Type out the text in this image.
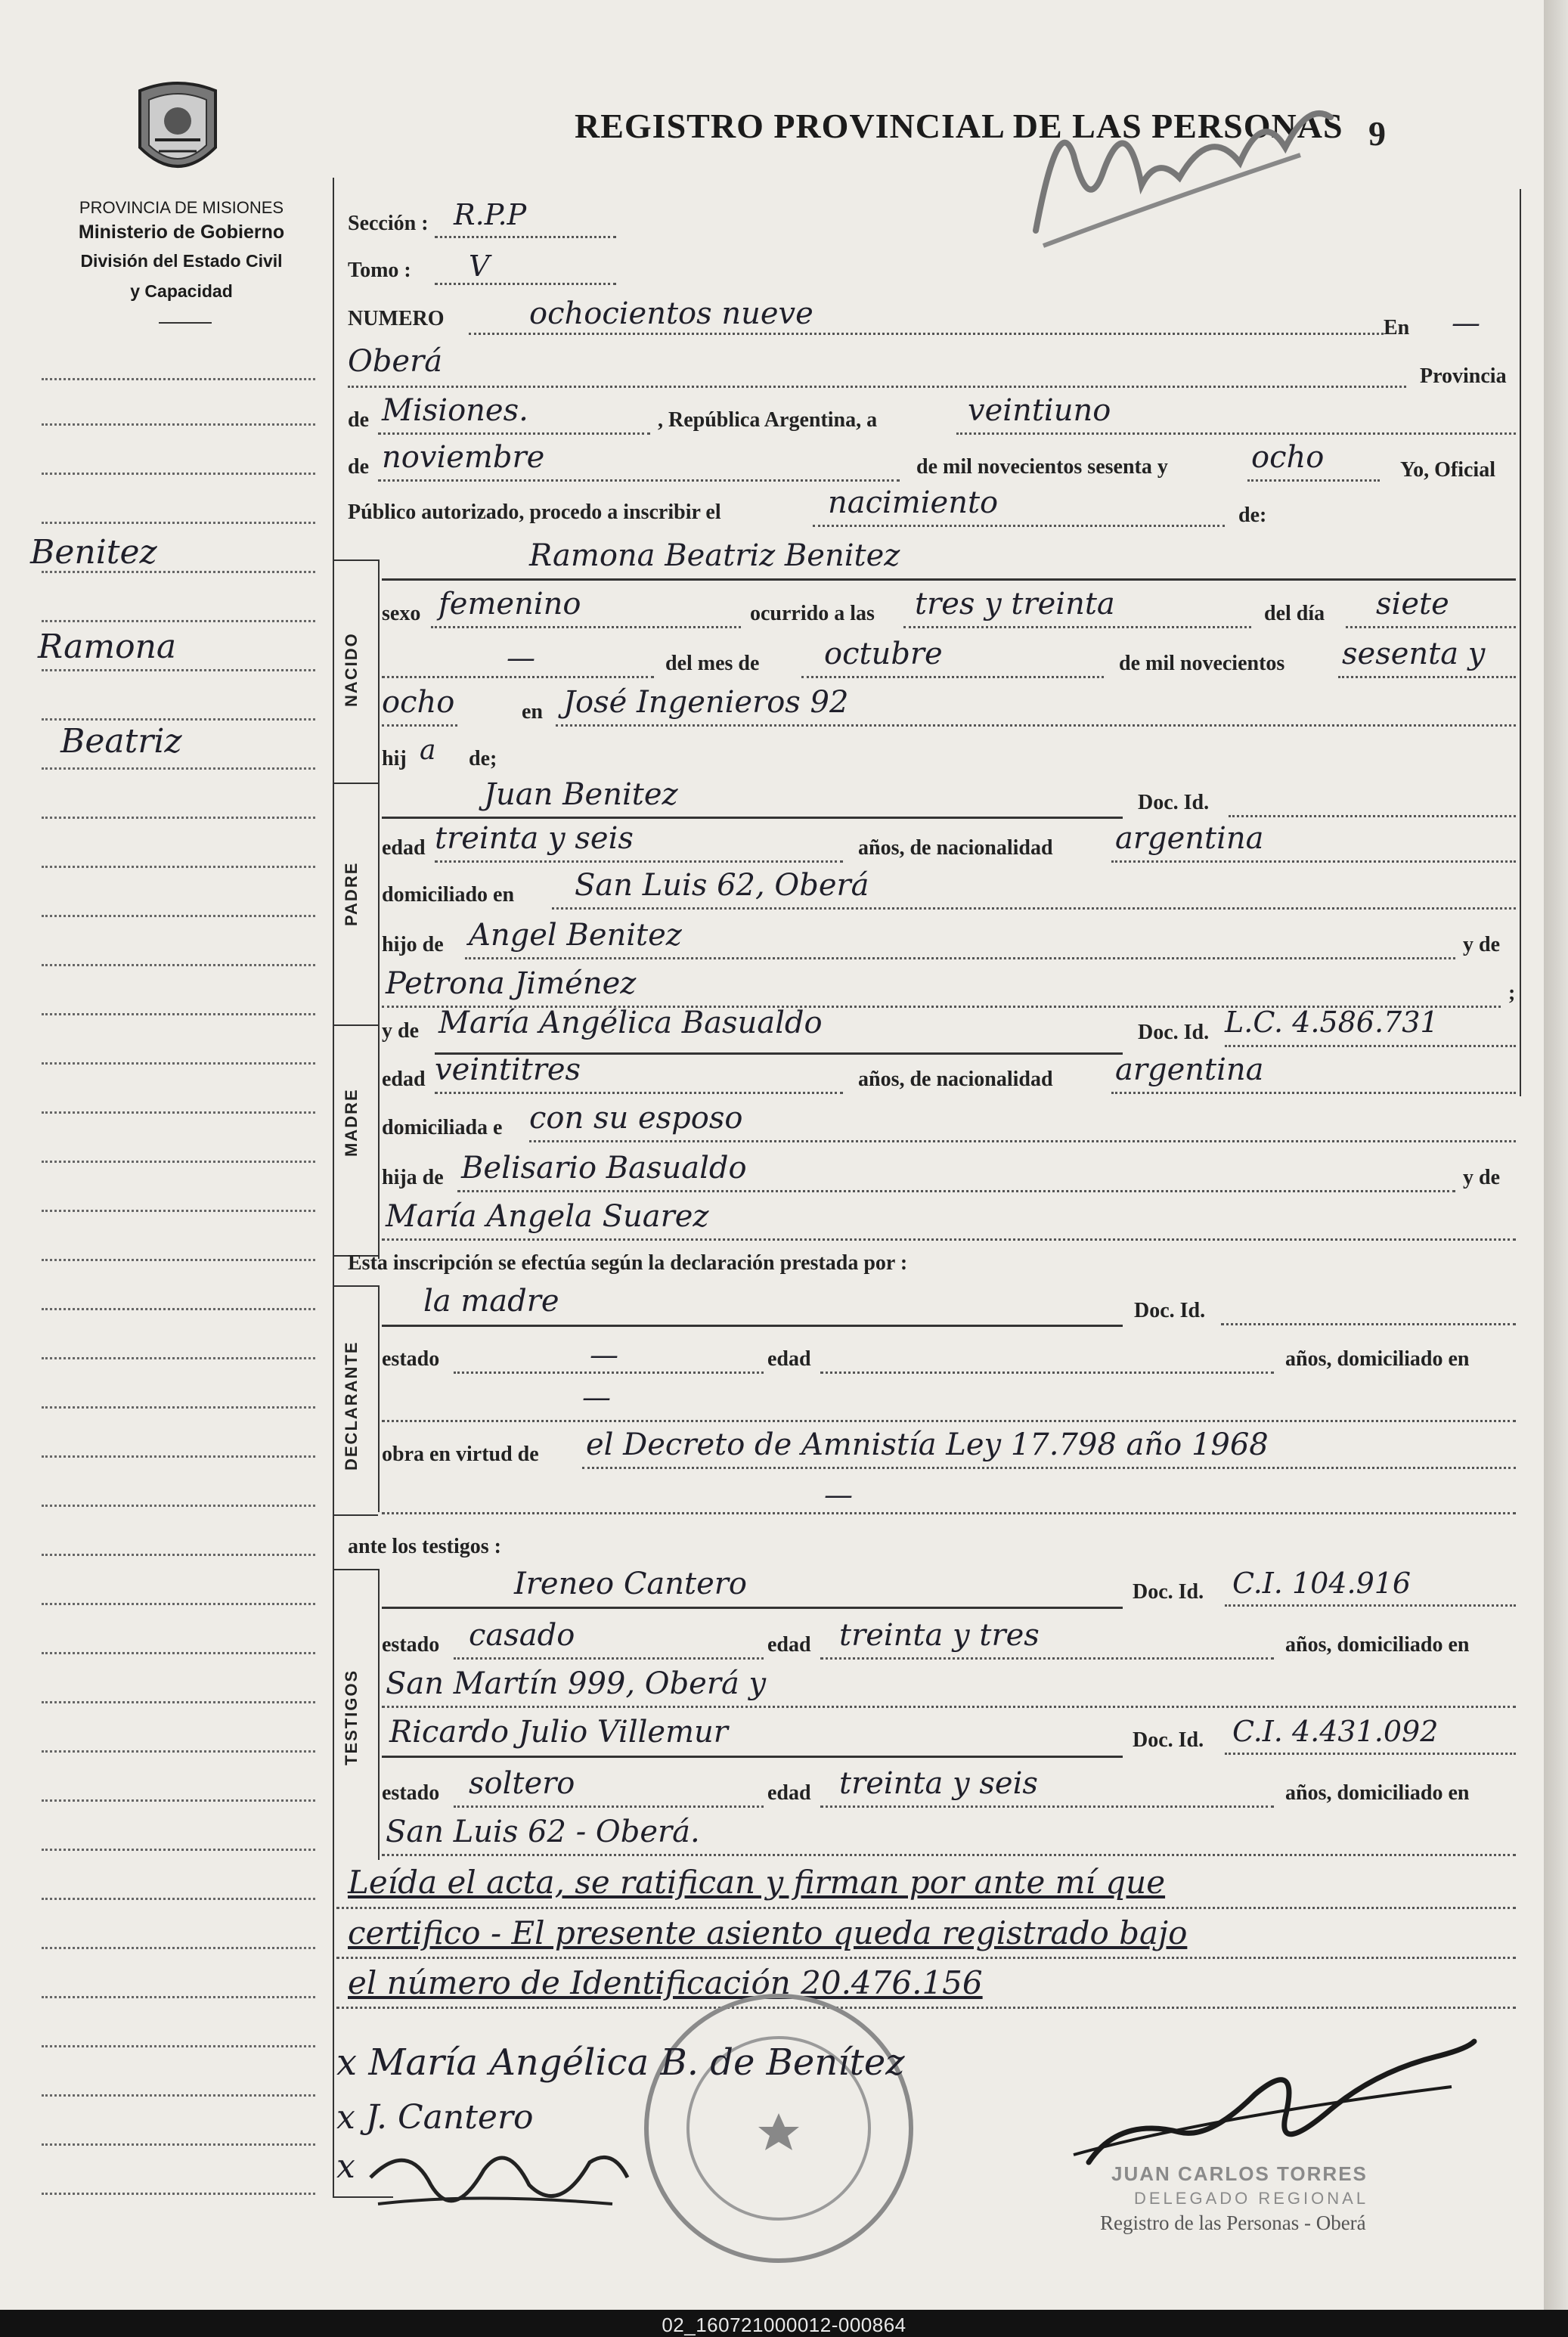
02_160721000012-000864
PROVINCIA DE MISIONES
Ministerio de Gobierno
División del Estado Civil
y Capacidad
REGISTRO PROVINCIAL DE LAS PERSONAS 9
Benitez
Ramona
Beatriz
Sección : R.P.P
Tomo : V
NUMERO	ochocientos nueve	En —
Oberá	Provincia
de Misiones.	, República Argentina, a	veintiuno
de noviembre	de mil novecientos sesenta y	ocho	Yo, Oficial
Público autorizado, procedo a inscribir el	nacimiento	de:
NACIDO
Ramona Beatriz Benitez
sexo femenino	ocurrido a las tres y treinta	del día siete
—	del mes de octubre	de mil novecientos sesenta y
ocho	en José Ingenieros 92
hij a de;
PADRE
Juan Benitez	Doc. Id.
edad treinta y seis	años, de nacionalidad argentina
domiciliado en San Luis 62, Oberá
hijo de Angel Benitez	y de
Petrona Jiménez	;
MADRE
y de María Angélica Basualdo	Doc. Id. L.C. 4.586.731
edad veintitres	años, de nacionalidad argentina
domiciliada e con su esposo
hija de Belisario Basualdo	y de
María Angela Suarez
Esta inscripción se efectúa según la declaración prestada por :
DECLARANTE
la madre	Doc. Id.
estado	—	edad	años, domiciliado en
—
obra en virtud de el Decreto de Amnistía Ley 17.798 año 1968
—
ante los testigos :
TESTIGOS
Ireneo Cantero	Doc. Id. C.I. 104.916
estado casado	edad treinta y tres	años, domiciliado en
San Martín 999, Oberá y
Ricardo Julio Villemur	Doc. Id. C.I. 4.431.092
estado soltero	edad treinta y seis	años, domiciliado en
San Luis 62 - Oberá.
Leída el acta, se ratifican y firman por ante mí que
certifico - El presente asiento queda registrado bajo
el número de Identificación 20.476.156
x María Angélica B. de Benítez
x J. Cantero
x	JUAN CARLOS TORRES
DELEGADO REGIONAL
Registro de las Personas - Oberá
